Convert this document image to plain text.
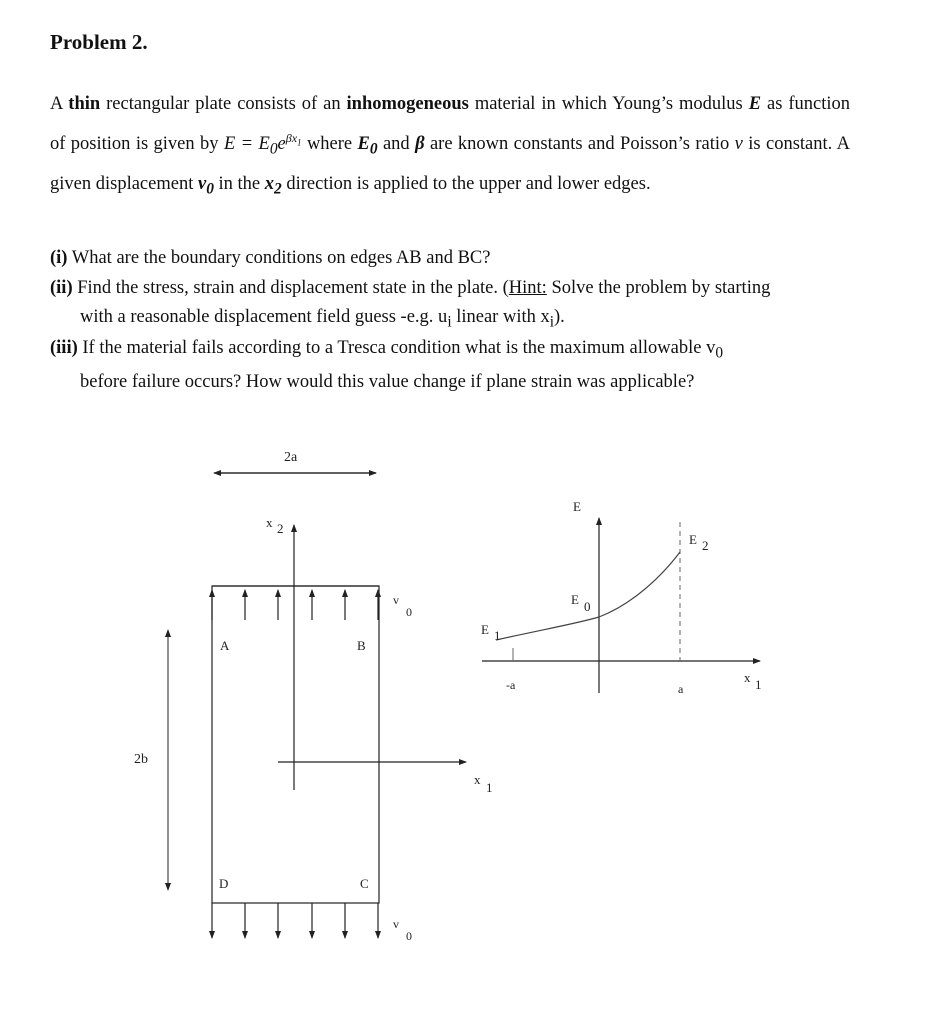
Problem 2.
A thin rectangular plate consists of an inhomogeneous material in which Young’s modulus E as function of position is given by $E = E_0e^{\beta x_1}$ where $E_0$ and β are known constants and Poisson’s ratio ν is constant. A given displacement $v_0$ in the $x_2$ direction is applied to the upper and lower edges.
(i) What are the boundary conditions on edges AB and BC?
(ii) Find the stress, strain and displacement state in the plate. (Hint: Solve the problem by starting
with a reasonable displacement field guess -e.g. $u_i$ linear with $x_i$).
(iii) If the material fails according to a Tresca condition what is the maximum allowable $v_0$
before failure occurs? How would this value change if plane strain was applicable?
2a
2b
v
0
A	B
D	C
x 2
1
x
v
0
E
E 0
E 1
E 2
-a	a
x 1
